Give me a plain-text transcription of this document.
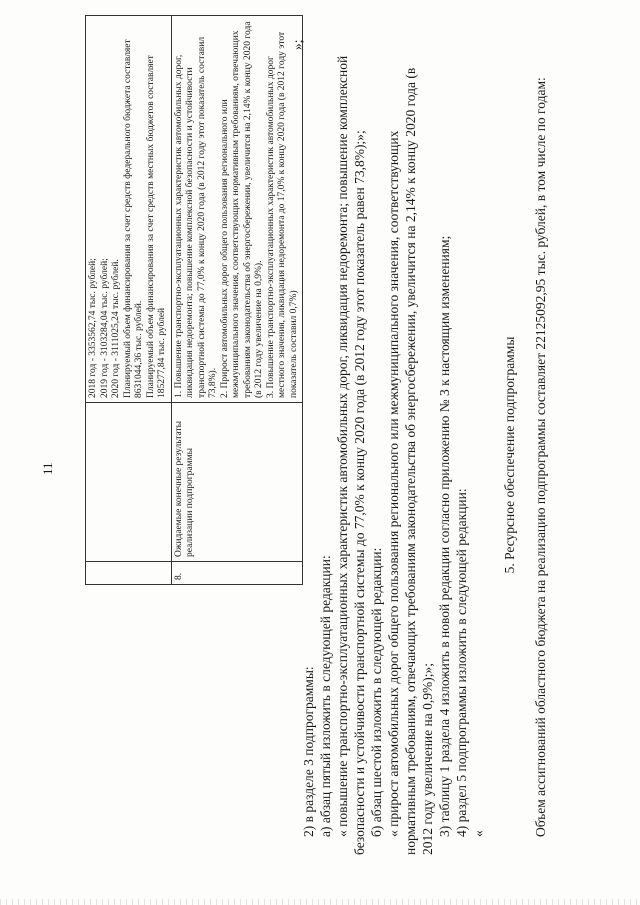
11

		2018 год - 3353562,74 тыс. рублей; 2019 год - 3103284,04 тыс. рублей; 2020 год - 3111025,24 тыс. рублей. Планируемый объем финансирования за счет средств федерального бюджета составляет 8631044,36 тыс. рублей. Планируемый объем финансирования за счет средств местных бюджетов составляет 185277,84 тыс. рублей

8.	Ожидаемые конечные результаты реализации подпрограммы	1. Повышение транспортно-эксплуатационных характеристик автомобильных дорог, ликвидация недоремонта; повышение комплексной безопасности и устойчивости транспортной системы до 77,0% к концу 2020 года (в 2012 году этот показатель составил 73,8%). 2. Прирост автомобильных дорог общего пользования регионального или межмуниципального значения, соответствующих нормативным требованиям, отвечающих требованиям законодательства об энергосбережении, увеличится на 2,14% к концу 2020 года (в 2012 году увеличение на 0,9%). 3. Повышение транспортно-эксплуатационных характеристик автомобильных дорог местного значения, ликвидация недоремонта до 17,0% к концу 2020 года (в 2012 году этот показатель составил 0,7%)
»;

2) в разделе 3 подпрограммы: а) абзац пятый изложить в следующей редакции: « повышение транспортно-эксплуатационных характеристик автомобильных дорог, ликвидация недоремонта; повышение комплексной безопасности и устойчивости транспортной системы до 77,0% к концу 2020 года (в 2012 году этот показатель равен 73,8%);»; б) абзац шестой изложить в следующей редакции: « прирост автомобильных дорог общего пользования регионального или межмуниципального значения, соответствующих нормативным требованиям, отвечающих требованиям законодательства об энергосбережении, увеличится на 2,14% к концу 2020 года (в 2012 году увеличение на 0,9%);»; 3) таблицу 1 раздела 4 изложить в новой редакции согласно приложению № 3 к настоящим изменениям; 4) раздел 5 подпрограммы изложить в следующей редакции: «

5. Ресурсное обеспечение подпрограммы Объем ассигнований областного бюджета на реализацию подпрограммы составляет 22125092,95 тыс. рублей, в том числе по годам:
